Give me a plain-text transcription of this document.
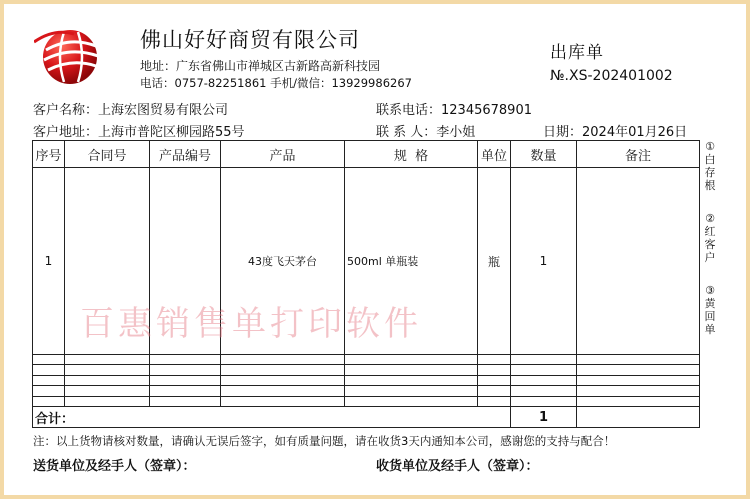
佛山好好商贸有限公司
地址：广东省佛山市禅城区古新路高新科技园
电话：0757-82251861 手机/微信：13929986267
出库单
№.XS-202401002
客户名称：上海宏图贸易有限公司
客户地址：上海市普陀区柳园路55号
联系电话：12345678901
联 系 人：李小姐	日期：2024年01月26日
序号	合同号	产品编号	产品	规  格	单位	数量	备注
1			43度飞天茅台	500ml 单瓶装	瓶	1	

合计：						1	
①白存根
②红客户
③黄回单
百惠销售单打印软件
注：以上货物请核对数量，请确认无误后签字，如有质量问题，请在收货3天内通知本公司，感谢您的支持与配合！
送货单位及经手人（签章）：	收货单位及经手人（签章）：
